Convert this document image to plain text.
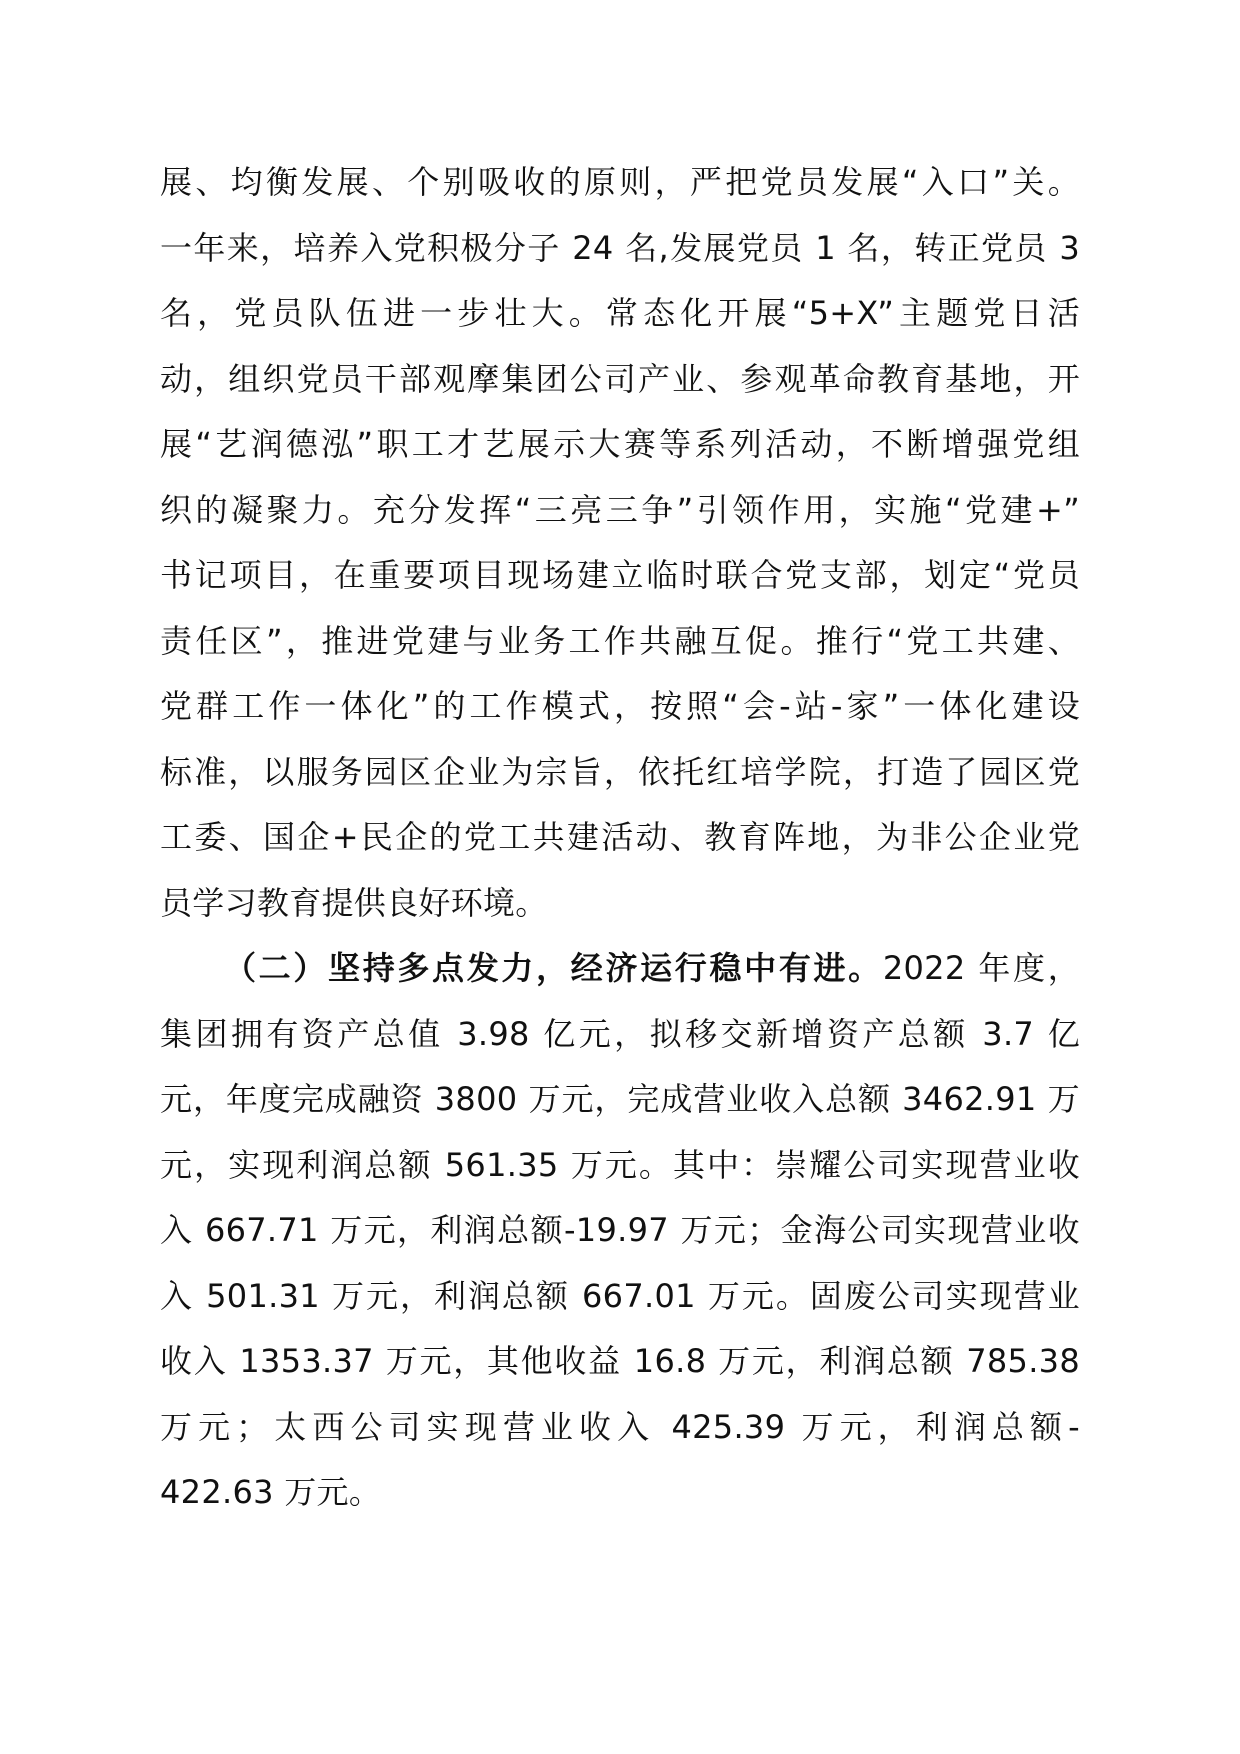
展、均衡发展、个别吸收的原则，严把党员发展“入口”关。
一年来，培养入党积极分子 24 名,发展党员 1 名，转正党员 3
名，党员队伍进一步壮大。常态化开展“5+X”主题党日活
动，组织党员干部观摩集团公司产业、参观革命教育基地，开
展“艺润德泓”职工才艺展示大赛等系列活动，不断增强党组
织的凝聚力。充分发挥“三亮三争”引领作用，实施“党建+”
书记项目，在重要项目现场建立临时联合党支部，划定“党员
责任区”，推进党建与业务工作共融互促。推行“党工共建、
党群工作一体化”的工作模式，按照“会-站-家”一体化建设
标准，以服务园区企业为宗旨，依托红培学院，打造了园区党
工委、国企+民企的党工共建活动、教育阵地，为非公企业党
员学习教育提供良好环境。
（二）坚持多点发力，经济运行稳中有进。2022 年度，
集团拥有资产总值 3.98 亿元，拟移交新增资产总额 3.7 亿
元，年度完成融资 3800 万元，完成营业收入总额 3462.91 万
元，实现利润总额 561.35 万元。其中：崇耀公司实现营业收
入 667.71 万元，利润总额-19.97 万元；金海公司实现营业收
入 501.31 万元，利润总额 667.01 万元。固废公司实现营业
收入 1353.37 万元，其他收益 16.8 万元，利润总额 785.38
万元；太西公司实现营业收入 425.39 万元，利润总额-
422.63 万元。
